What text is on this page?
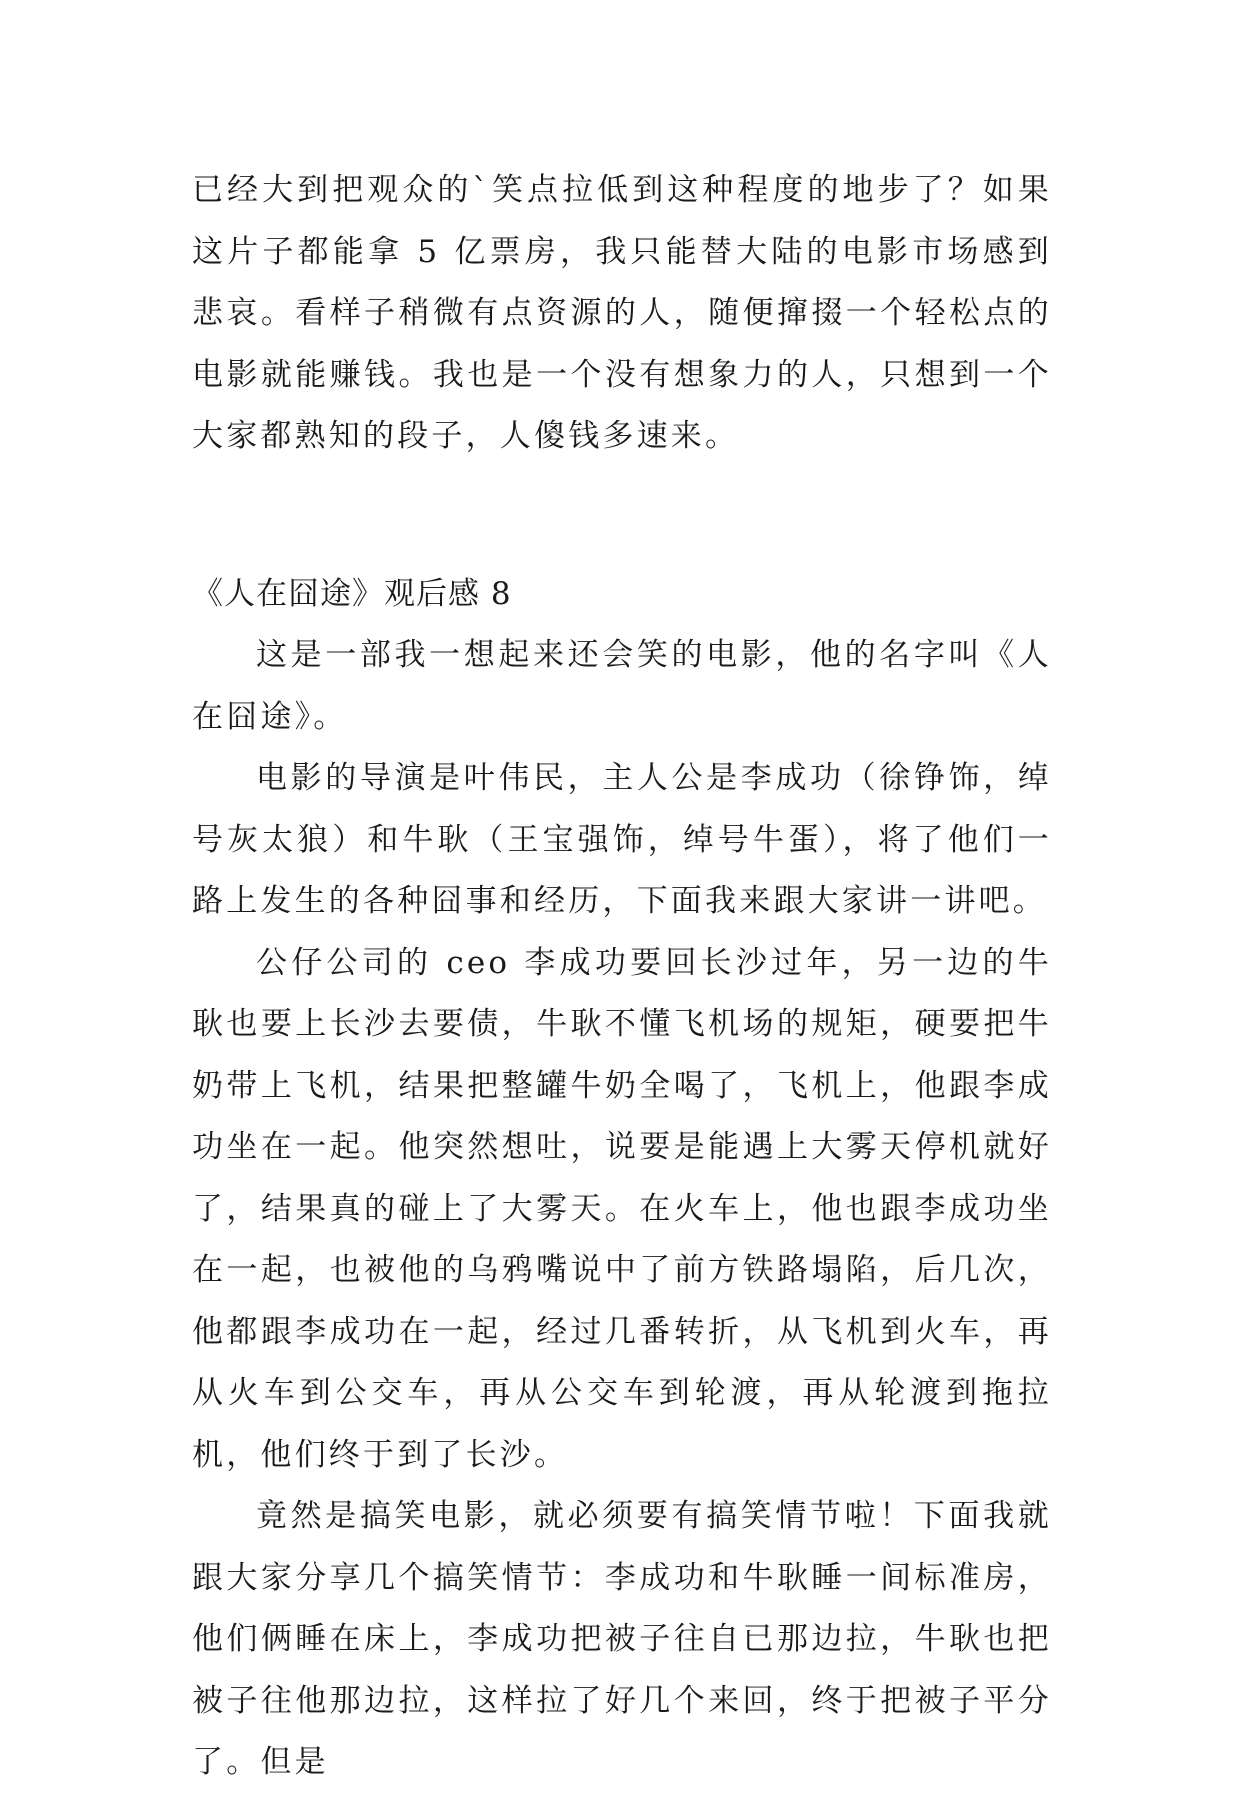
已经大到把观众的`笑点拉低到这种程度的地步了？如果这片子都能拿 5 亿票房，我只能替大陆的电影市场感到悲哀。看样子稍微有点资源的人，随便撺掇一个轻松点的电影就能赚钱。我也是一个没有想象力的人，只想到一个大家都熟知的段子，人傻钱多速来。

《人在囧途》观后感 8

这是一部我一想起来还会笑的电影，他的名字叫《人在囧途》。

电影的导演是叶伟民，主人公是李成功（徐铮饰，绰号灰太狼）和牛耿（王宝强饰，绰号牛蛋），将了他们一路上发生的各种囧事和经历，下面我来跟大家讲一讲吧。

公仔公司的 ceo 李成功要回长沙过年，另一边的牛耿也要上长沙去要债，牛耿不懂飞机场的规矩，硬要把牛奶带上飞机，结果把整罐牛奶全喝了，飞机上，他跟李成功坐在一起。他突然想吐，说要是能遇上大雾天停机就好了，结果真的碰上了大雾天。在火车上，他也跟李成功坐在一起，也被他的乌鸦嘴说中了前方铁路塌陷，后几次，他都跟李成功在一起，经过几番转折，从飞机到火车，再从火车到公交车，再从公交车到轮渡，再从轮渡到拖拉机，他们终于到了长沙。

竟然是搞笑电影，就必须要有搞笑情节啦！下面我就跟大家分享几个搞笑情节：李成功和牛耿睡一间标准房，他们俩睡在床上，李成功把被子往自已那边拉，牛耿也把被子往他那边拉，这样拉了好几个来回，终于把被子平分了。但是
